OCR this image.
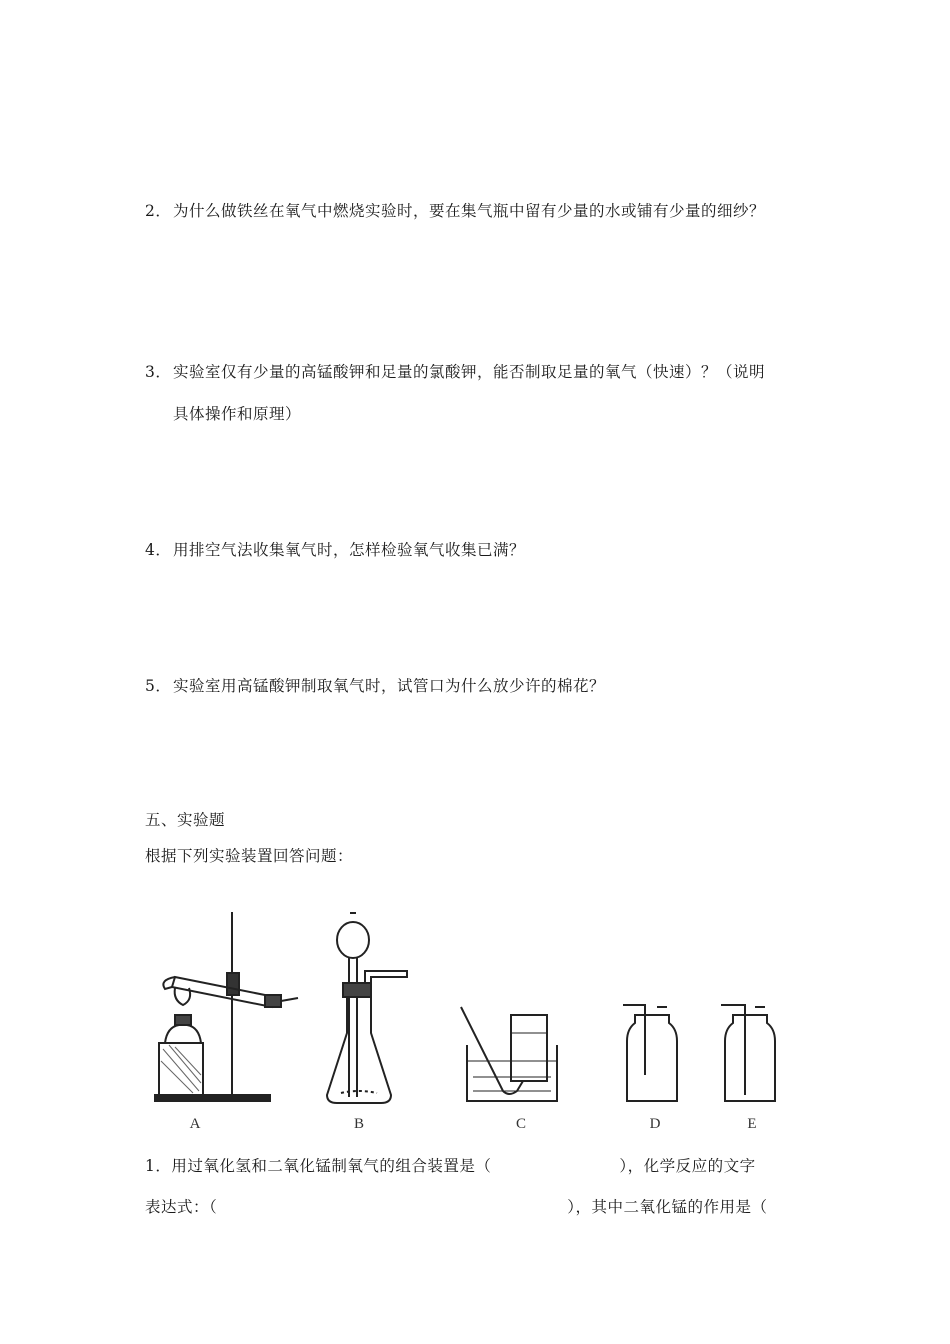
2． 为什么做铁丝在氧气中燃烧实验时，要在集气瓶中留有少量的水或铺有少量的细纱？
3． 实验室仅有少量的高锰酸钾和足量的氯酸钾，能否制取足量的氧气（快速）？（说明
具体操作和原理）
4． 用排空气法收集氧气时，怎样检验氧气收集已满？
5． 实验室用高锰酸钾制取氧气时，试管口为什么放少许的棉花？
五、实验题
根据下列实验装置回答问题：
A	B	C	D	E
1．用过氧化氢和二氧化锰制氧气的组合装置是（	），化学反应的文字
表达式：（	），其中二氧化锰的作用是（
